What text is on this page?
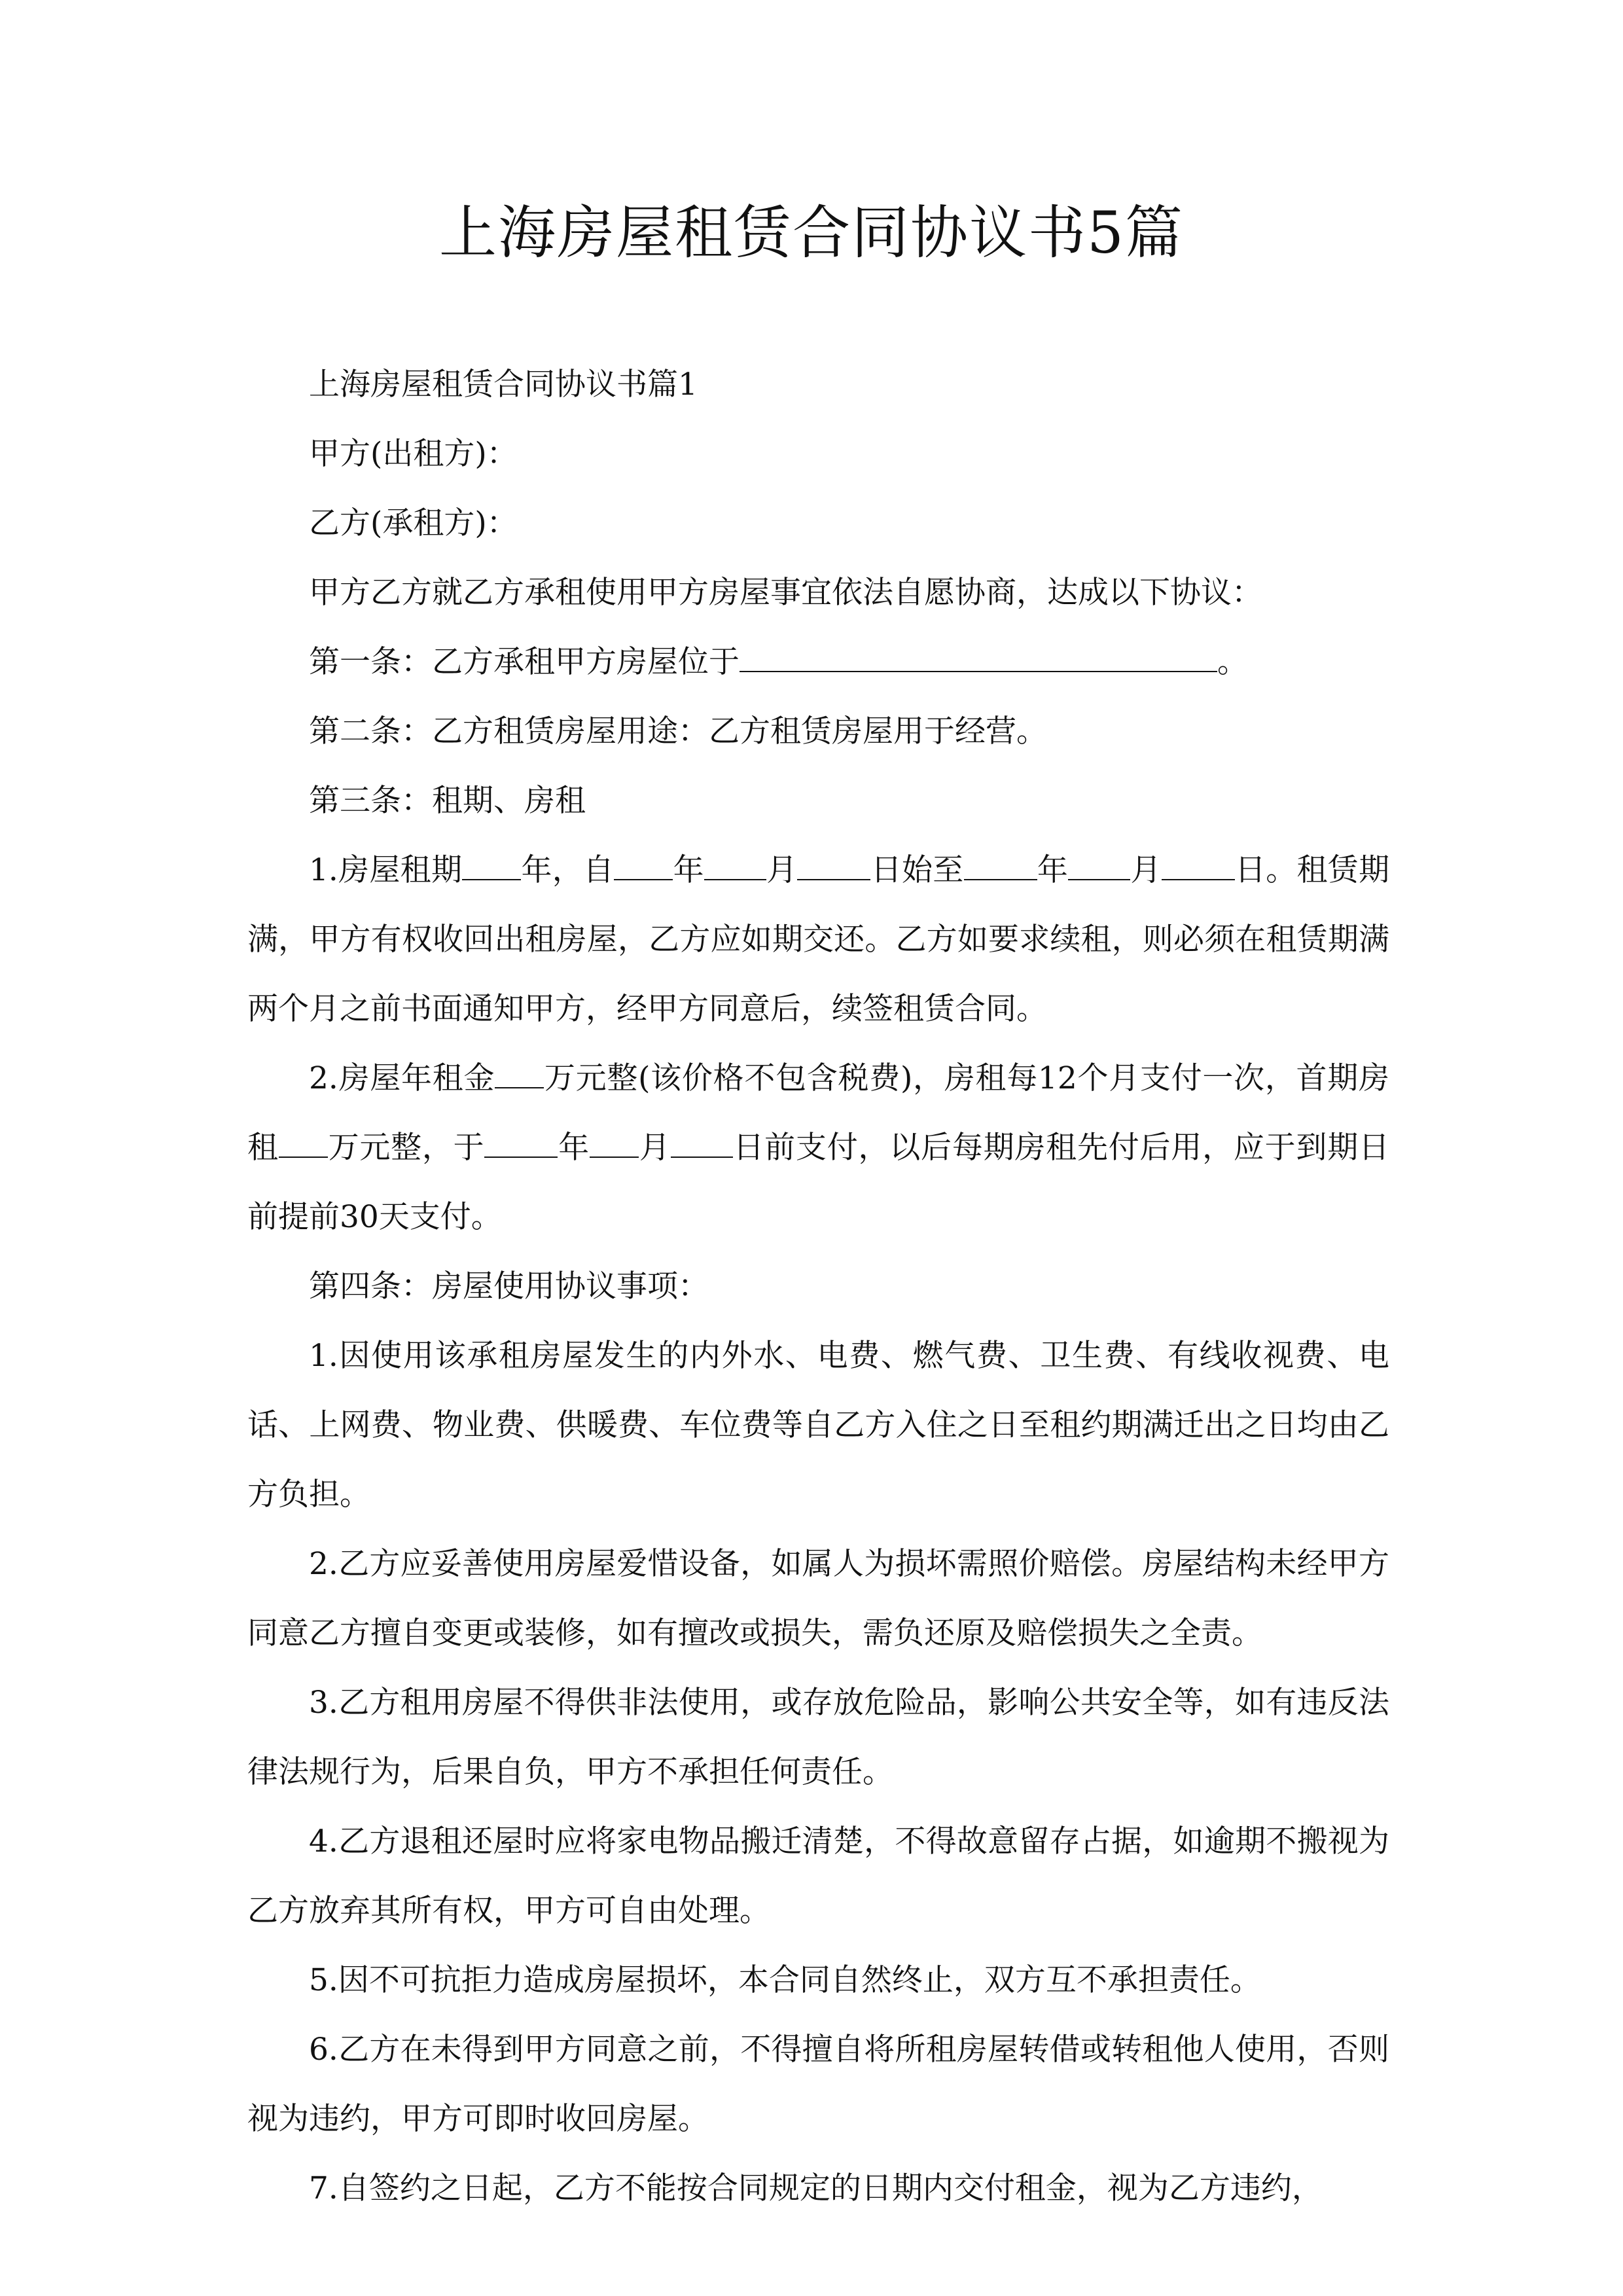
上海房屋租赁合同协议书5篇

上海房屋租赁合同协议书篇1

甲方(出租方)：

乙方(承租方)：

甲方乙方就乙方承租使用甲方房屋事宜依法自愿协商，达成以下协议：

第一条：乙方承租甲方房屋位于	。

第二条：乙方租赁房屋用途：乙方租赁房屋用于经营。

第三条：租期、房租

1.房屋租期 年，自 年 月 日始至 年 月 日。租赁期满，甲方有权收回出租房屋，乙方应如期交还。乙方如要求续租，则必须在租赁期满两个月之前书面通知甲方，经甲方同意后，续签租赁合同。

2.房屋年租金 万元整(该价格不包含税费)，房租每12个月支付一次，首期房租 万元整，于 年 月 日前支付，以后每期房租先付后用，应于到期日前提前30天支付。

第四条：房屋使用协议事项：

1.因使用该承租房屋发生的内外水、电费、燃气费、卫生费、有线收视费、电话、上网费、物业费、供暖费、车位费等自乙方入住之日至租约期满迁出之日均由乙方负担。

2.乙方应妥善使用房屋爱惜设备，如属人为损坏需照价赔偿。房屋结构未经甲方同意乙方擅自变更或装修，如有擅改或损失，需负还原及赔偿损失之全责。

3.乙方租用房屋不得供非法使用，或存放危险品，影响公共安全等，如有违反法律法规行为，后果自负，甲方不承担任何责任。

4.乙方退租还屋时应将家电物品搬迁清楚，不得故意留存占据，如逾期不搬视为乙方放弃其所有权，甲方可自由处理。

5.因不可抗拒力造成房屋损坏，本合同自然终止，双方互不承担责任。

6.乙方在未得到甲方同意之前，不得擅自将所租房屋转借或转租他人使用，否则视为违约，甲方可即时收回房屋。

7.自签约之日起，乙方不能按合同规定的日期内交付租金，视为乙方违约，
